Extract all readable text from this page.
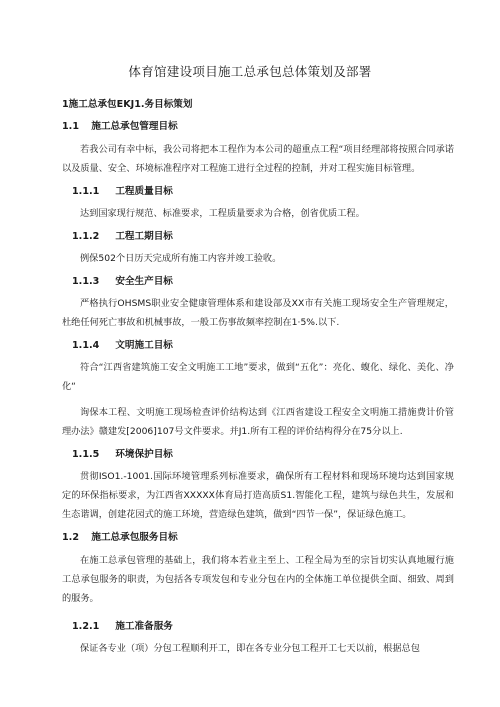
体育馆建设项目施工总承包总体策划及部署
1施工总承包EKJ1.务目标策划
1.1 施工总承包管理目标

若我公司有幸中标，我公司将把本工程作为本公司的超重点工程“项目经理部将按照合同承诺以及质量、安全、环境标准程序对工程施工进行全过程的控制，并对工程实施目标管理。

1.1.1 工程质量目标

达到国家现行规范、标准要求，工程质量要求为合格，创省优质工程。

1.1.2 工程工期目标

例保502个日历天完成所有施工内容并竣工验收。

1.1.3 安全生产目标

严格执行OHSMS职业安全健康管理体系和建设部及XX市有关施工现场安全生产管理规定，杜绝任何死亡事故和机械事故，一般工伤事故频率控制在1·5%.以下.

1.1.4 文明施工目标

符合“江西省建筑施工安全文明施工工地”要求，做到“五化”：亮化、蝮化、绿化、美化、净化“

询保本工程、文明施工现场检查评价结构达到《江西省建设工程安全文明施工措施费计价管理办法》赣建发[2006]107号文件要求。并J1.所有工程的评价结构得分在75分以上.

1.1.5 环境保护目标

贯彻ISO1.-1001.国际环境管理系列标准要求，确保所有工程材料和现场环境均达到国家规定的环保指标要求，为江西省XXXXX体育局打造高质S1.智能化工程，建筑与绿色共生，发展和生态谐调，创建花园式的施工环境，营造绿色建筑，做到“四节一保”，保证绿色施工。

1.2 施工总承包服务目标

在施工总承包管理的基础上，我们将本若业主至上、工程全局为至的宗旨切实认真地履行施工总承包服务的职责，为包括各专项发包和专业分包在内的全体施工单位提供全面、细致、周到的服务。

1.2.1 施工准备服务

保证各专业（项）分包工程顺利开工，即在各专业分包工程开工七天以前，根据总包
